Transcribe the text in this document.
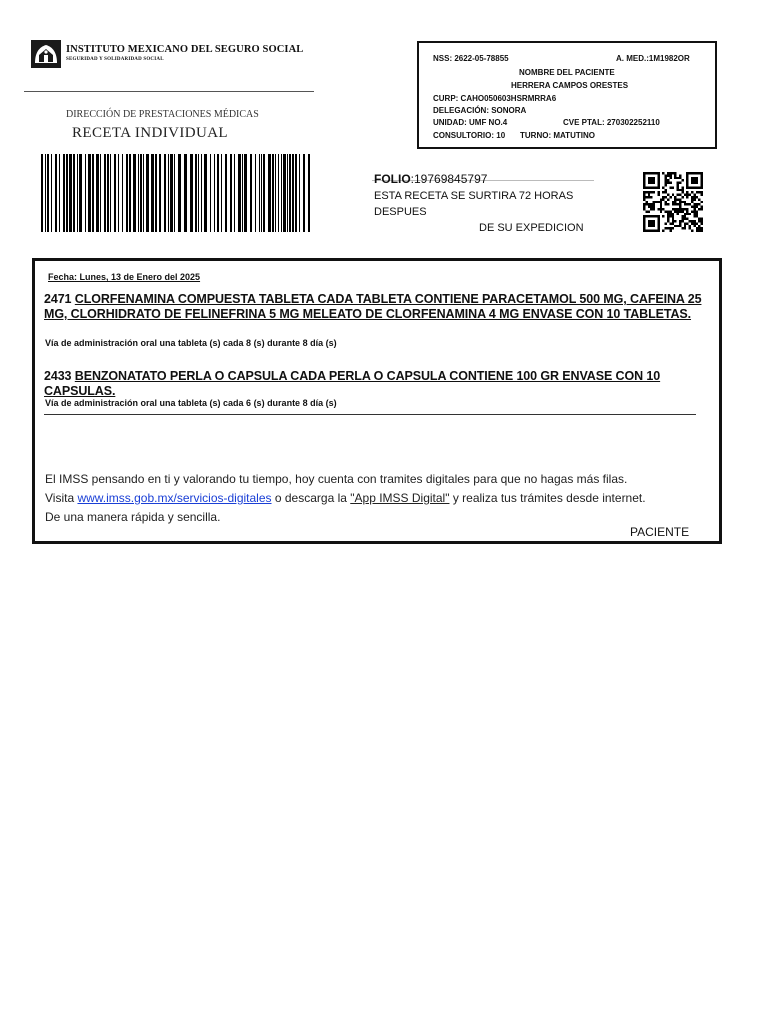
INSTITUTO MEXICANO DEL SEGURO SOCIAL
SEGURIDAD Y SOLIDARIDAD SOCIAL
DIRECCIÓN DE PRESTACIONES MÉDICAS
RECETA INDIVIDUAL
NSS: 2622-05-78855	A. MED.:1M1982OR
NOMBRE DEL PACIENTE
HERRERA CAMPOS ORESTES
CURP: CAHO050603HSRMRRA6
DELEGACIÓN: SONORA
UNIDAD: UMF NO.4	CVE PTAL: 270302252110
CONSULTORIO: 10 TURNO: MATUTINO
FOLIO:19769845797
ESTA RECETA SE SURTIRA 72 HORAS
DESPUES
DE SU EXPEDICION
Fecha: Lunes, 13 de Enero del 2025
2471 CLORFENAMINA COMPUESTA TABLETA CADA TABLETA CONTIENE PARACETAMOL 500 MG, CAFEINA 25 MG, CLORHIDRATO DE FELINEFRINA 5 MG MELEATO DE CLORFENAMINA 4 MG ENVASE CON 10 TABLETAS.
Vía de administración oral una tableta (s) cada 8 (s) durante 8 día (s)
2433 BENZONATATO PERLA O CAPSULA CADA PERLA O CAPSULA CONTIENE 100 GR ENVASE CON 10 CAPSULAS.
Vía de administración oral una tableta (s) cada 6 (s) durante 8 día (s)
El IMSS pensando en ti y valorando tu tiempo, hoy cuenta con tramites digitales para que no hagas más filas.
Visita www.imss.gob.mx/servicios-digitales o descarga la "App IMSS Digital" y realiza tus trámites desde internet.
De una manera rápida y sencilla.
PACIENTE
